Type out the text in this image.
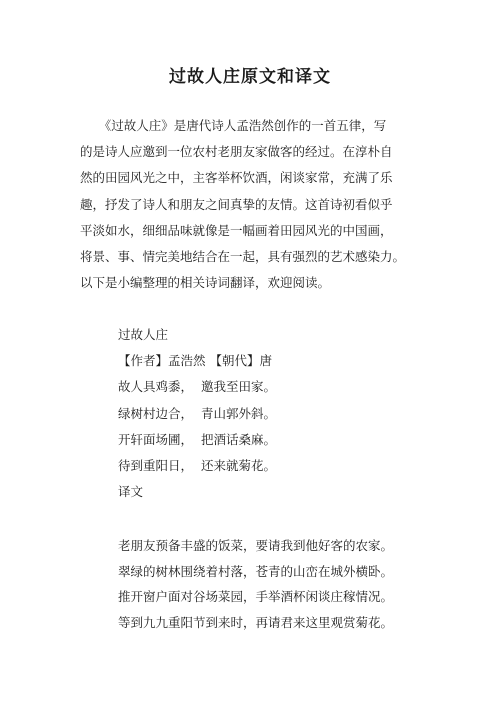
过故人庄原文和译文
　　《过故人庄》是唐代诗人孟浩然创作的一首五律，写
的是诗人应邀到一位农村老朋友家做客的经过。在淳朴自
然的田园风光之中，主客举杯饮酒，闲谈家常，充满了乐
趣，抒发了诗人和朋友之间真挚的友情。这首诗初看似乎
平淡如水，细细品味就像是一幅画着田园风光的中国画，
将景、事、情完美地结合在一起，具有强烈的艺术感染力。
以下是小编整理的相关诗词翻译，欢迎阅读。
过故人庄
【作者】孟浩然 【朝代】唐
故人具鸡黍，  邀我至田家。
绿树村边合，  青山郭外斜。
开轩面场圃，  把酒话桑麻。
待到重阳日，  还来就菊花。
译文
老朋友预备丰盛的饭菜，要请我到他好客的农家。
翠绿的树林围绕着村落，苍青的山峦在城外横卧。
推开窗户面对谷场菜园，手举酒杯闲谈庄稼情况。
等到九九重阳节到来时，再请君来这里观赏菊花。
